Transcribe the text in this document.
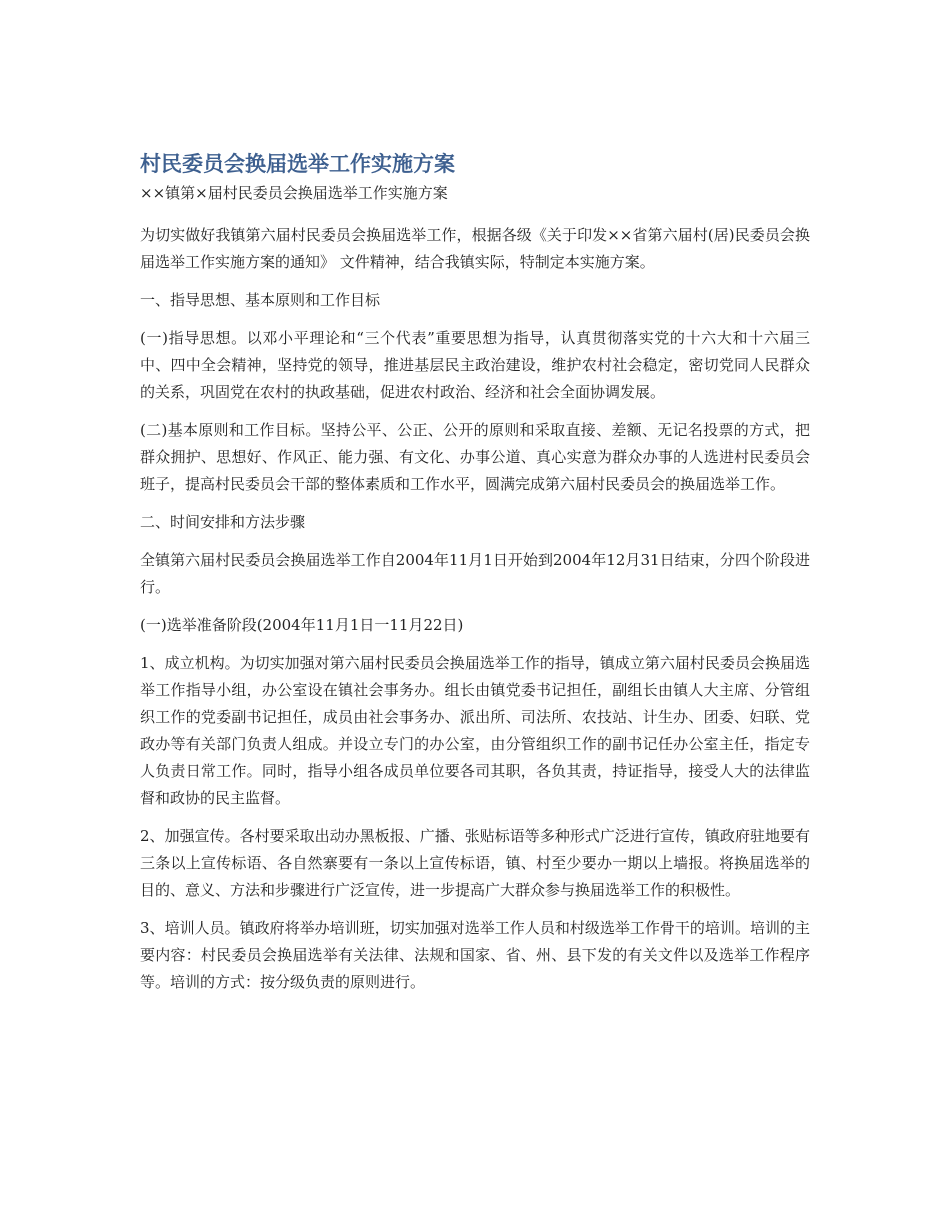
村民委员会换届选举工作实施方案
××镇第×届村民委员会换届选举工作实施方案

为切实做好我镇第六届村民委员会换届选举工作，根据各级《关于印发××省第六届村(居)民委员会换届选举工作实施方案的通知》 文件精神，结合我镇实际，特制定本实施方案。

一、指导思想、基本原则和工作目标

(一)指导思想。以邓小平理论和“三个代表”重要思想为指导，认真贯彻落实党的十六大和十六届三中、四中全会精神，坚持党的领导，推进基层民主政治建设，维护农村社会稳定，密切党同人民群众的关系，巩固党在农村的执政基础，促进农村政治、经济和社会全面协调发展。

(二)基本原则和工作目标。坚持公平、公正、公开的原则和采取直接、差额、无记名投票的方式，把群众拥护、思想好、作风正、能力强、有文化、办事公道、真心实意为群众办事的人选进村民委员会班子，提高村民委员会干部的整体素质和工作水平，圆满完成第六届村民委员会的换届选举工作。

二、时间安排和方法步骤

全镇第六届村民委员会换届选举工作自2004年11月1日开始到2004年12月31日结束，分四个阶段进行。

(一)选举准备阶段(2004年11月1日一11月22日)

1、成立机构。为切实加强对第六届村民委员会换届选举工作的指导，镇成立第六届村民委员会换届选举工作指导小组，办公室设在镇社会事务办。组长由镇党委书记担任，副组长由镇人大主席、分管组织工作的党委副书记担任，成员由社会事务办、派出所、司法所、农技站、计生办、团委、妇联、党政办等有关部门负责人组成。并设立专门的办公室，由分管组织工作的副书记任办公室主任，指定专人负责日常工作。同时，指导小组各成员单位要各司其职，各负其责，持证指导，接受人大的法律监督和政协的民主监督。

2、加强宣传。各村要采取出动办黑板报、广播、张贴标语等多种形式广泛进行宣传，镇政府驻地要有三条以上宣传标语、各自然寨要有一条以上宣传标语，镇、村至少要办一期以上墙报。将换届选举的目的、意义、方法和步骤进行广泛宣传，进一步提高广大群众参与换届选举工作的积极性。

3、培训人员。镇政府将举办培训班，切实加强对选举工作人员和村级选举工作骨干的培训。培训的主要内容：村民委员会换届选举有关法律、法规和国家、省、州、县下发的有关文件以及选举工作程序等。培训的方式：按分级负责的原则进行。
